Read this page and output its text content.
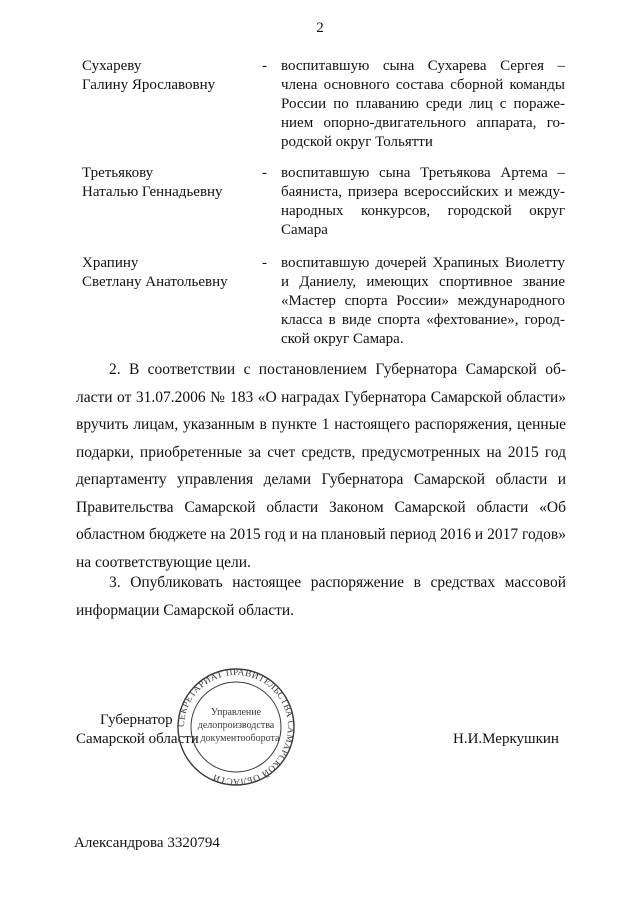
2
Сухареву
Галину Ярославовну
- воспитавшую сына Сухарева Сергея –
члена основного состава сборной команды
России по плаванию среди лиц с пораже-
нием опорно-двигательного аппарата, го-
родской округ Тольятти
Третьякову
Наталью Геннадьевну
- воспитавшую сына Третьякова Артема –
баяниста, призера всероссийских и между-
народных конкурсов, городской округ
Самара
Храпину
Светлану Анатольевну
- воспитавшую дочерей Храпиных Виолетту
и Даниелу, имеющих спортивное звание
«Мастер спорта России» международного
класса в виде спорта «фехтование», город-
ской округ Самара.
2. В соответствии с постановлением Губернатора Самарской об-
ласти от 31.07.2006 № 183 «О наградах Губернатора Самарской области»
вручить лицам, указанным в пункте 1 настоящего распоряжения, ценные
подарки, приобретенные за счет средств, предусмотренных на 2015 год
департаменту управления делами Губернатора Самарской области и
Правительства Самарской области Законом Самарской области «Об
областном бюджете на 2015 год и на плановый период 2016 и 2017 годов»
на соответствующие цели.
3. Опубликовать настоящее распоряжение в средствах массовой
информации Самарской области.
Губернатор
Самарской области	Н.И.Меркушкин
СЕКРЕТАРИАТ ПРАВИТЕЛЬСТВА САМАРСКОЙ ОБЛАСТИ
Управление
делопроизводства
и документооборота
Александрова 3320794
